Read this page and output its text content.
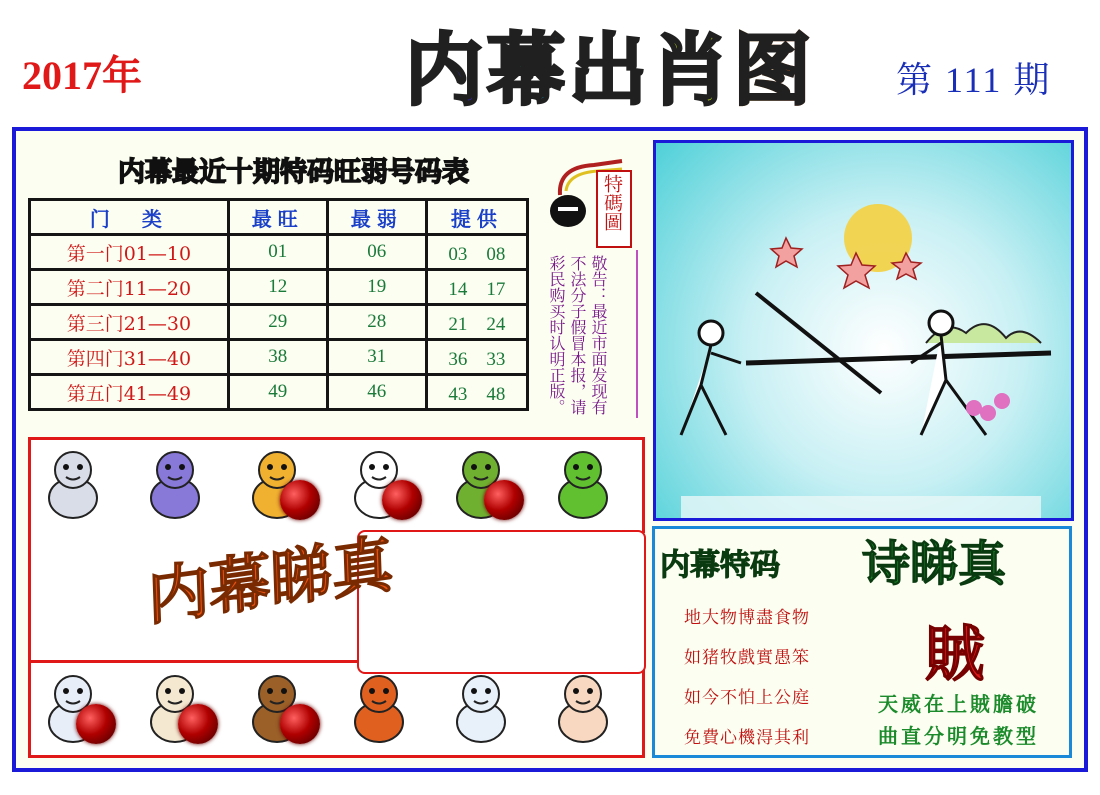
2017年	内 幕 出 肖 图 第 111 期
内幕最近十期特码旺弱号码表
门　类	最旺	最弱	提供
第一门01—10	01	06	03　08
第二门11—20	12	19	14　17
第三门21—30	29	28	21　24
第四门31—40	38	31	36　33
第五门41—49	49	46	43　48
特碼圖
敬告：最近市面发现有不法分子假冒本报，请彩民购买时认明正版。
内幕睇真	内幕特码 诗睇真
賊
地大物博盡食物
如猪牧戲實愚笨
如今不怕上公庭
免費心機淂其利
天威在上賊膽破
曲直分明免教型
